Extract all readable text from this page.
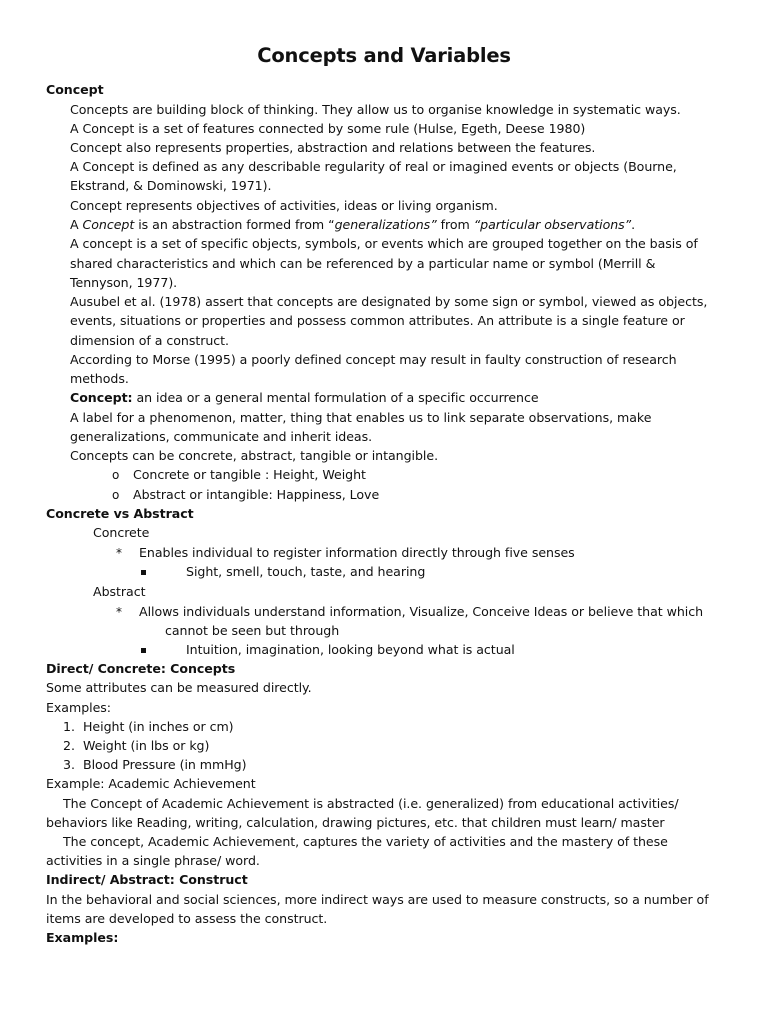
Concepts and Variables
Concept
Concepts are building block of thinking. They allow us to organise knowledge in systematic ways.
A Concept is a set of features connected by some rule (Hulse, Egeth, Deese 1980)
Concept also represents properties, abstraction and relations between the features.
A Concept is defined as any describable regularity of real or imagined events or objects (Bourne,
Ekstrand, & Dominowski, 1971).
Concept represents objectives of activities, ideas or living organism.
A Concept is an abstraction formed from “generalizations” from “particular observations”.
A concept is a set of specific objects, symbols, or events which are grouped together on the basis of
shared characteristics and which can be referenced by a particular name or symbol (Merrill &
Tennyson, 1977).
Ausubel et al. (1978) assert that concepts are designated by some sign or symbol, viewed as objects,
events, situations or properties and possess common attributes. An attribute is a single feature or
dimension of a construct.
According to Morse (1995) a poorly defined concept may result in faulty construction of research
methods.
Concept: an idea or a general mental formulation of a specific occurrence
A label for a phenomenon, matter, thing that enables us to link separate observations, make
generalizations, communicate and inherit ideas.
Concepts can be concrete, abstract, tangible or intangible.
o Concrete or tangible : Height, Weight
o Abstract or intangible: Happiness, Love
Concrete vs Abstract
Concrete
* Enables individual to register information directly through five senses
Sight, smell, touch, taste, and hearing
Abstract
* Allows individuals understand information, Visualize, Conceive Ideas or believe that which
cannot be seen but through
Intuition, imagination, looking beyond what is actual
Direct/ Concrete: Concepts
Some attributes can be measured directly.
Examples:
1. Height (in inches or cm)
2. Weight (in lbs or kg)
3. Blood Pressure (in mmHg)
Example: Academic Achievement
The Concept of Academic Achievement is abstracted (i.e. generalized) from educational activities/
behaviors like Reading, writing, calculation, drawing pictures, etc. that children must learn/ master
The concept, Academic Achievement, captures the variety of activities and the mastery of these
activities in a single phrase/ word.
Indirect/ Abstract: Construct
In the behavioral and social sciences, more indirect ways are used to measure constructs, so a number of
items are developed to assess the construct.
Examples:
